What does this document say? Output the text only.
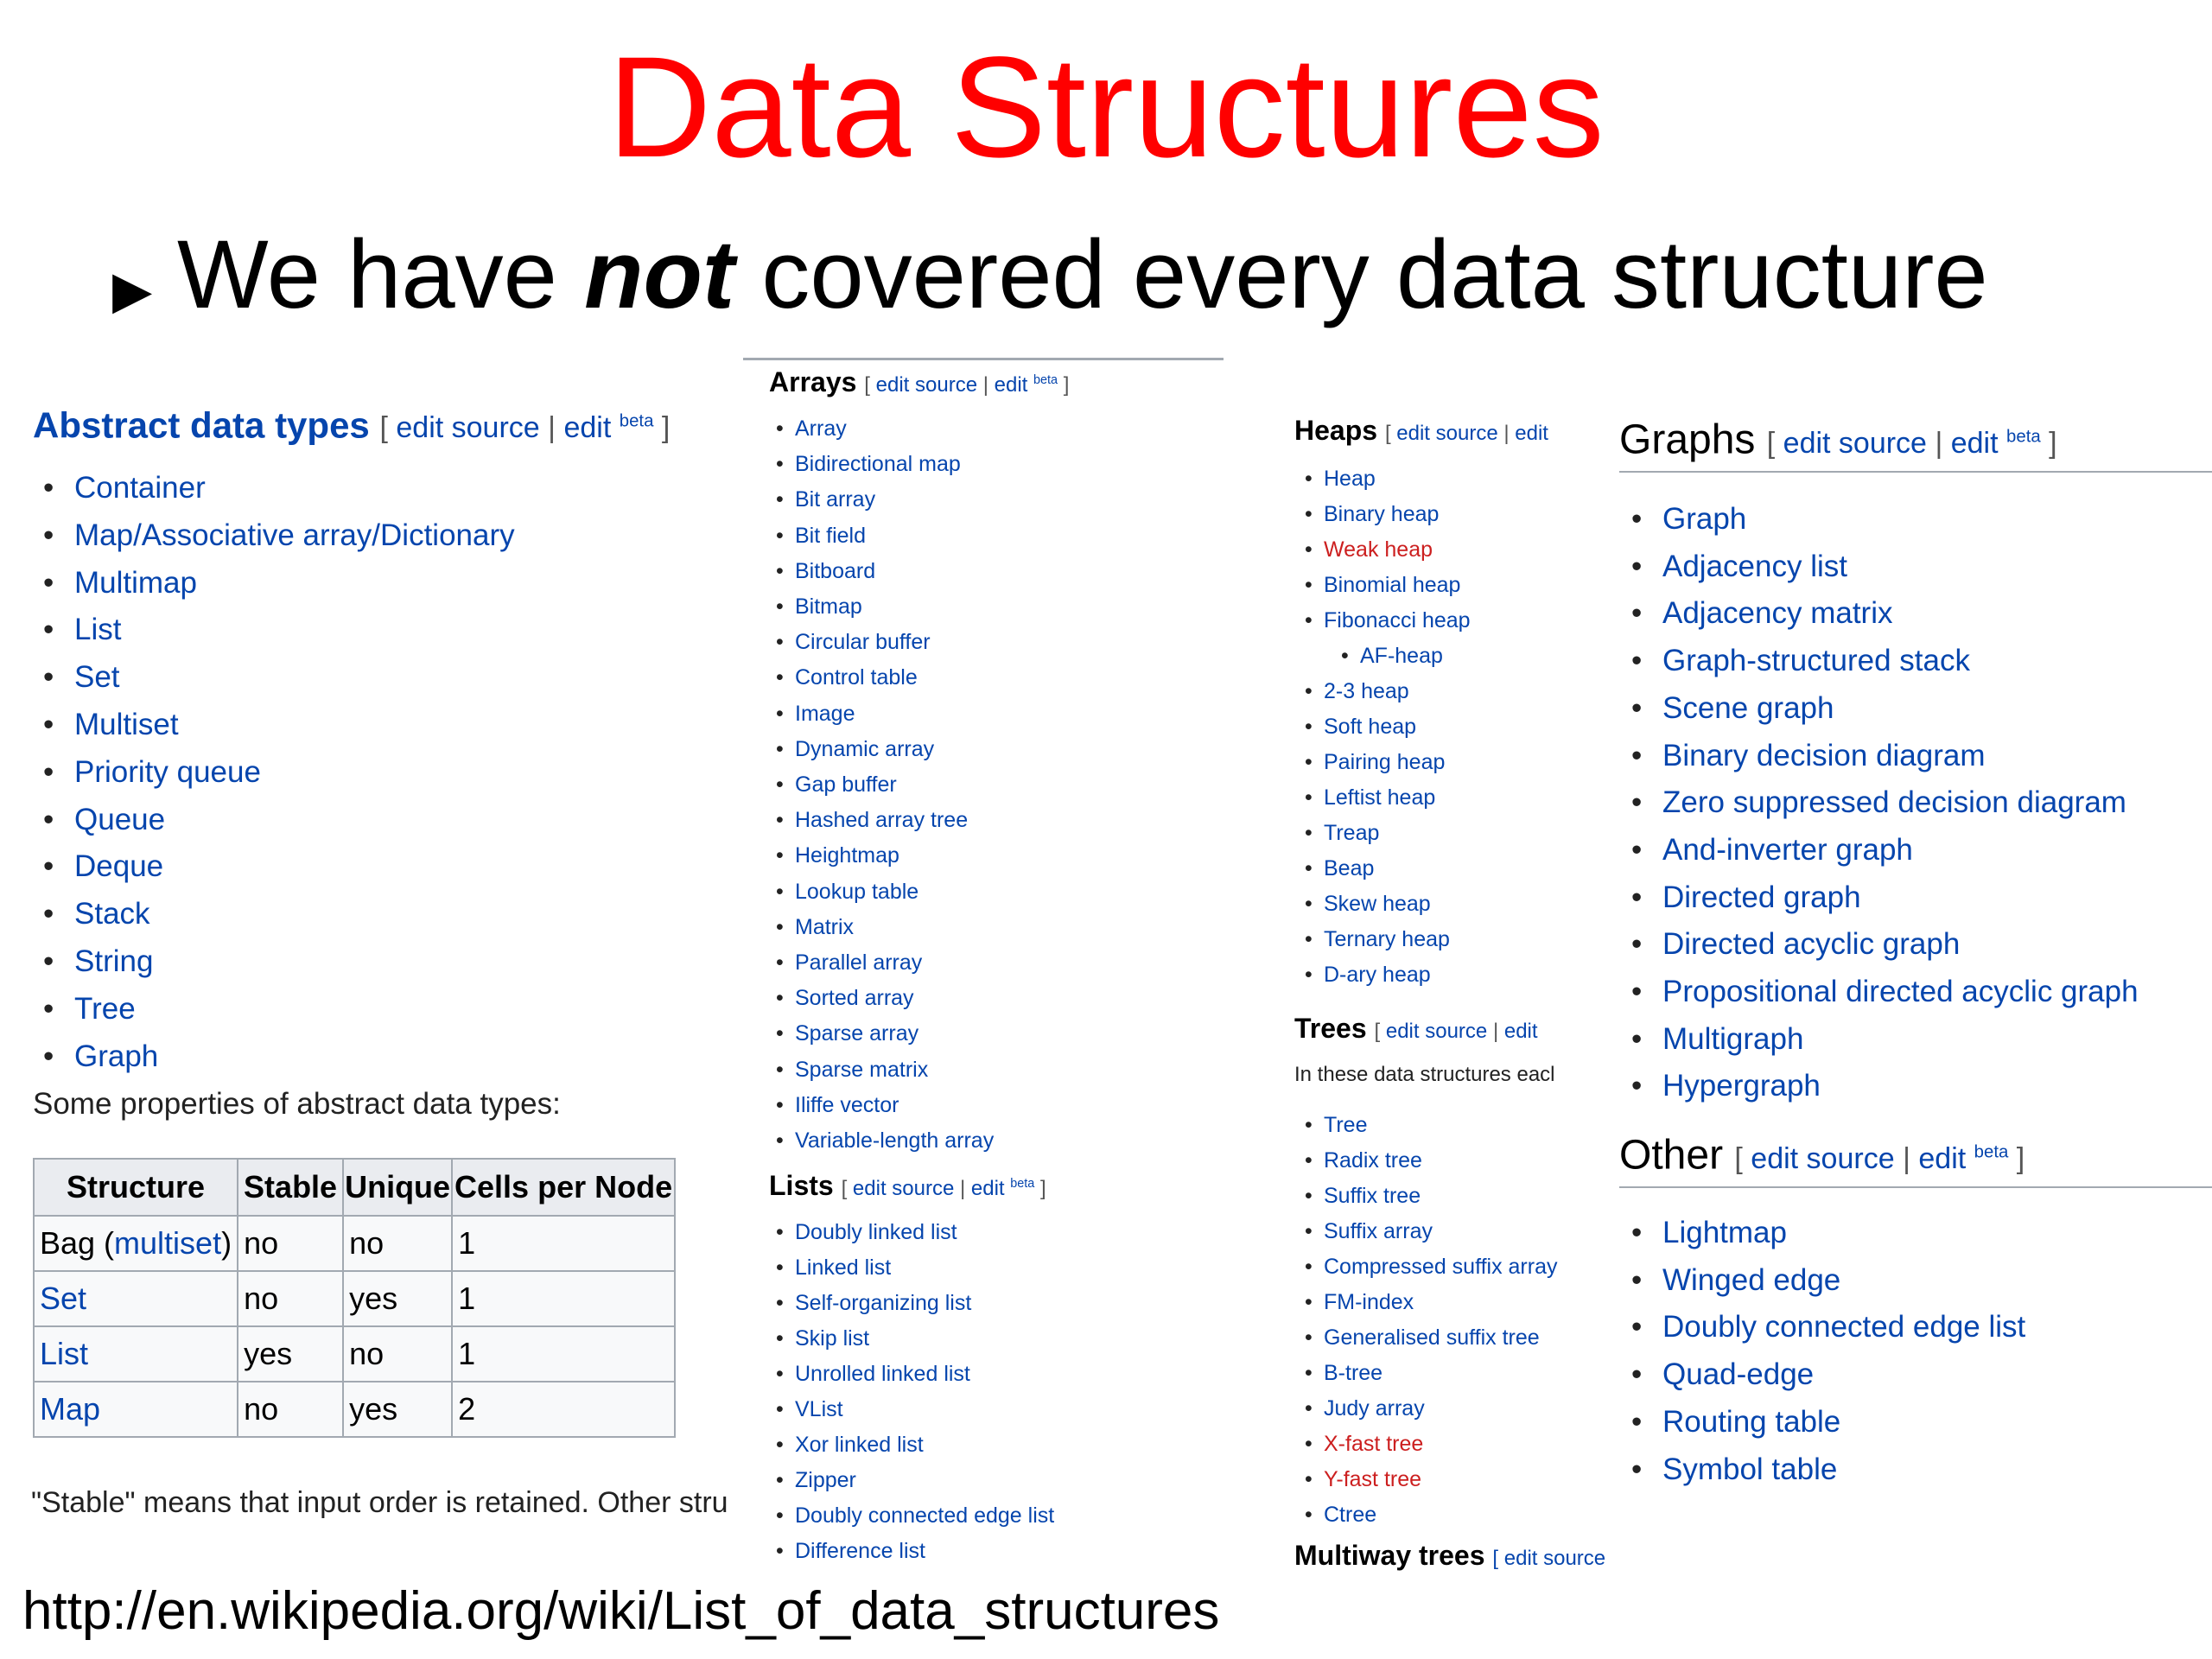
Data Structures
▶ We have not covered every data structure
Abstract data types [ edit source | edit $^{beta}$ ]
• Container
• Map/Associative array/Dictionary
• Multimap
• List
• Set
• Multiset
• Priority queue
• Queue
• Deque
• Stack
• String
• Tree
• Graph
Some properties of abstract data types:
Structure	Stable	Unique	Cells per Node
Bag (multiset)	no	no	1
Set	no	yes	1
List	yes	no	1
Map	no	yes	2
"Stable" means that input order is retained. Other stru
Arrays [ edit source | edit $^{beta}$ ]
• Array
• Bidirectional map
• Bit array
• Bit field
• Bitboard
• Bitmap
• Circular buffer
• Control table
• Image
• Dynamic array
• Gap buffer
• Hashed array tree
• Heightmap
• Lookup table
• Matrix
• Parallel array
• Sorted array
• Sparse array
• Sparse matrix
• Iliffe vector
• Variable-length array
Lists [ edit source | edit $^{beta}$ ]
• Doubly linked list
• Linked list
• Self-organizing list
• Skip list
• Unrolled linked list
• VList
• Xor linked list
• Zipper
• Doubly connected edge list
• Difference list
Heaps [ edit source | edit
• Heap
• Binary heap
• Weak heap
• Binomial heap
• Fibonacci heap
• AF-heap
• 2-3 heap
• Soft heap
• Pairing heap
• Leftist heap
• Treap
• Beap
• Skew heap
• Ternary heap
• D-ary heap
Trees [ edit source | edit
In these data structures eacl
• Tree
• Radix tree
• Suffix tree
• Suffix array
• Compressed suffix array
• FM-index
• Generalised suffix tree
• B-tree
• Judy array
• X-fast tree
• Y-fast tree
• Ctree
Multiway trees [ edit source
Graphs [ edit source | edit $^{beta}$ ]
• Graph
• Adjacency list
• Adjacency matrix
• Graph-structured stack
• Scene graph
• Binary decision diagram
• Zero suppressed decision diagram
• And-inverter graph
• Directed graph
• Directed acyclic graph
• Propositional directed acyclic graph
• Multigraph
• Hypergraph
Other [ edit source | edit $^{beta}$ ]
• Lightmap
• Winged edge
• Doubly connected edge list
• Quad-edge
• Routing table
• Symbol table
http://en.wikipedia.org/wiki/List_of_data_structures
